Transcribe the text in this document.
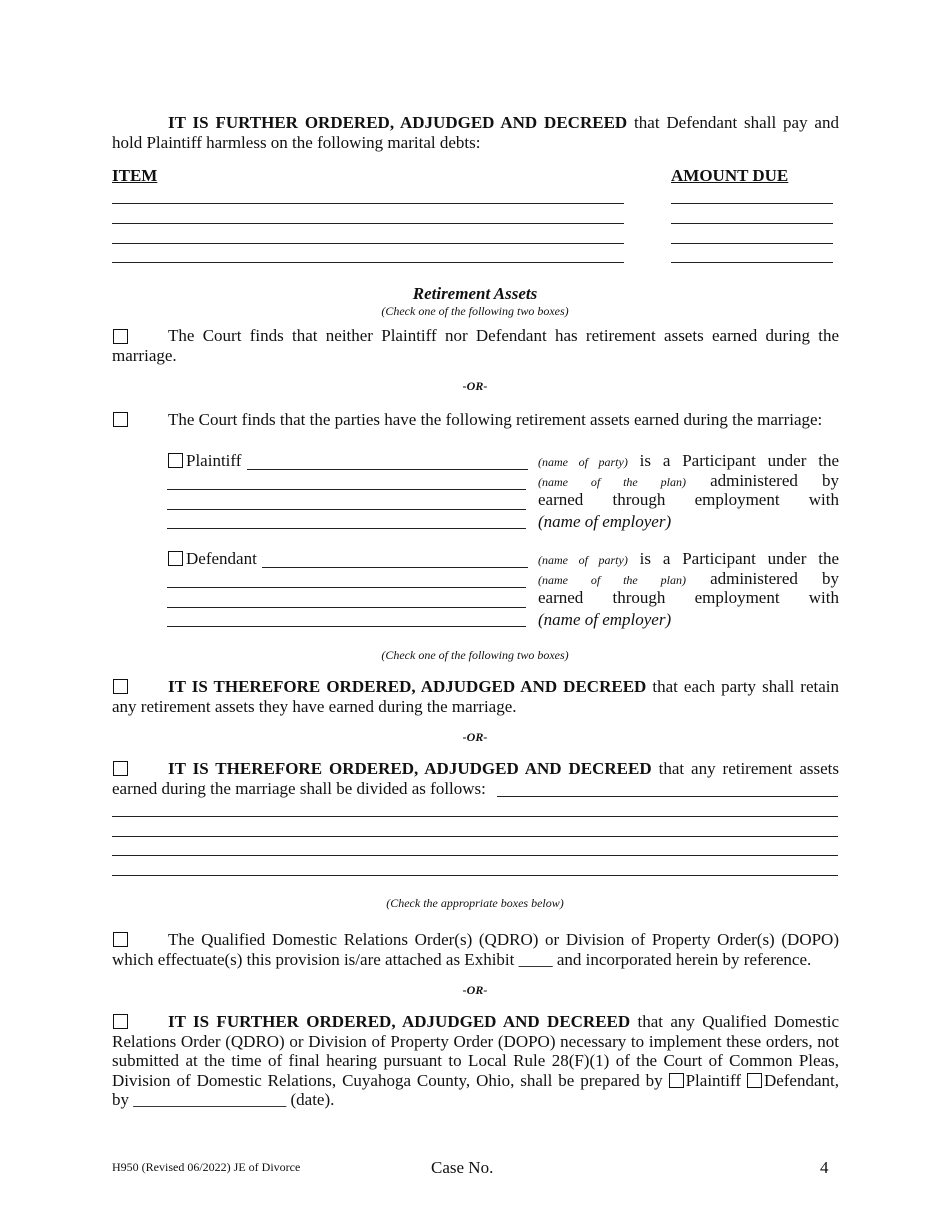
IT IS FURTHER ORDERED, ADJUDGED AND DECREED that Defendant shall pay and hold Plaintiff harmless on the following marital debts:
ITEM	AMOUNT DUE
Retirement Assets
(Check one of the following two boxes)
The Court finds that neither Plaintiff nor Defendant has retirement assets earned during the marriage.
-OR-
The Court finds that the parties have the following retirement assets earned during the marriage:
Plaintiff	(name of party) is a Participant under the
(name of the plan) administered by
earned through employment with
(name of employer)
Defendant	(name of party) is a Participant under the
(name of the plan) administered by
earned through employment with
(name of employer)
(Check one of the following two boxes)
IT IS THEREFORE ORDERED, ADJUDGED AND DECREED that each party shall retain any retirement assets they have earned during the marriage.
-OR-
IT IS THEREFORE ORDERED, ADJUDGED AND DECREED that any retirement assets earned during the marriage shall be divided as follows:
(Check the appropriate boxes below)
The Qualified Domestic Relations Order(s) (QDRO) or Division of Property Order(s) (DOPO) which effectuate(s) this provision is/are attached as Exhibit ____ and incorporated herein by reference.
-OR-
IT IS FURTHER ORDERED, ADJUDGED AND DECREED that any Qualified Domestic Relations Order (QDRO) or Division of Property Order (DOPO) necessary to implement these orders, not submitted at the time of final hearing pursuant to Local Rule 28(F)(1) of the Court of Common Pleas, Division of Domestic Relations, Cuyahoga County, Ohio, shall be prepared by Plaintiff Defendant, by __________________ (date).
H950 (Revised 06/2022) JE of Divorce	Case No.	4
